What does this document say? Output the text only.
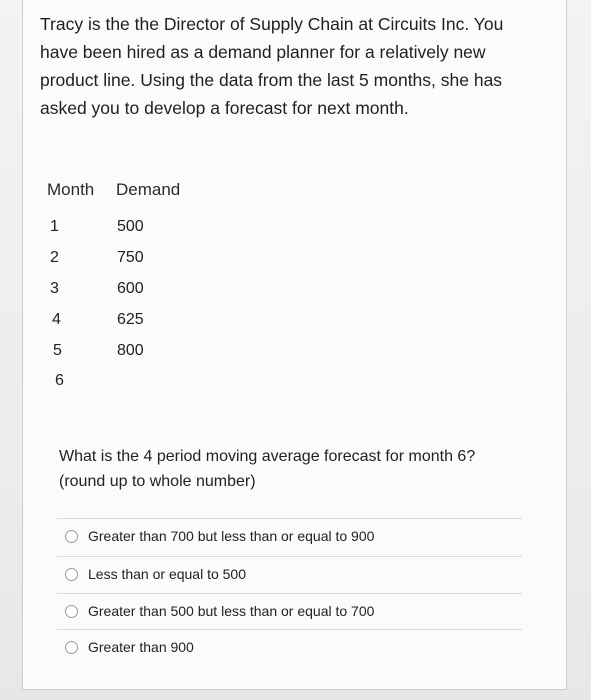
Tracy is the the Director of Supply Chain at Circuits Inc. You
have been hired as a demand planner for a relatively new
product line. Using the data from the last 5 months, she has
asked you to develop a forecast for next month.

Month Demand
1	500
2	750
3	600
4	625
5	800
6

What is the 4 period moving average forecast for month 6?
(round up to whole number)

Greater than 700 but less than or equal to 900
Less than or equal to 500
Greater than 500 but less than or equal to 700
Greater than 900
